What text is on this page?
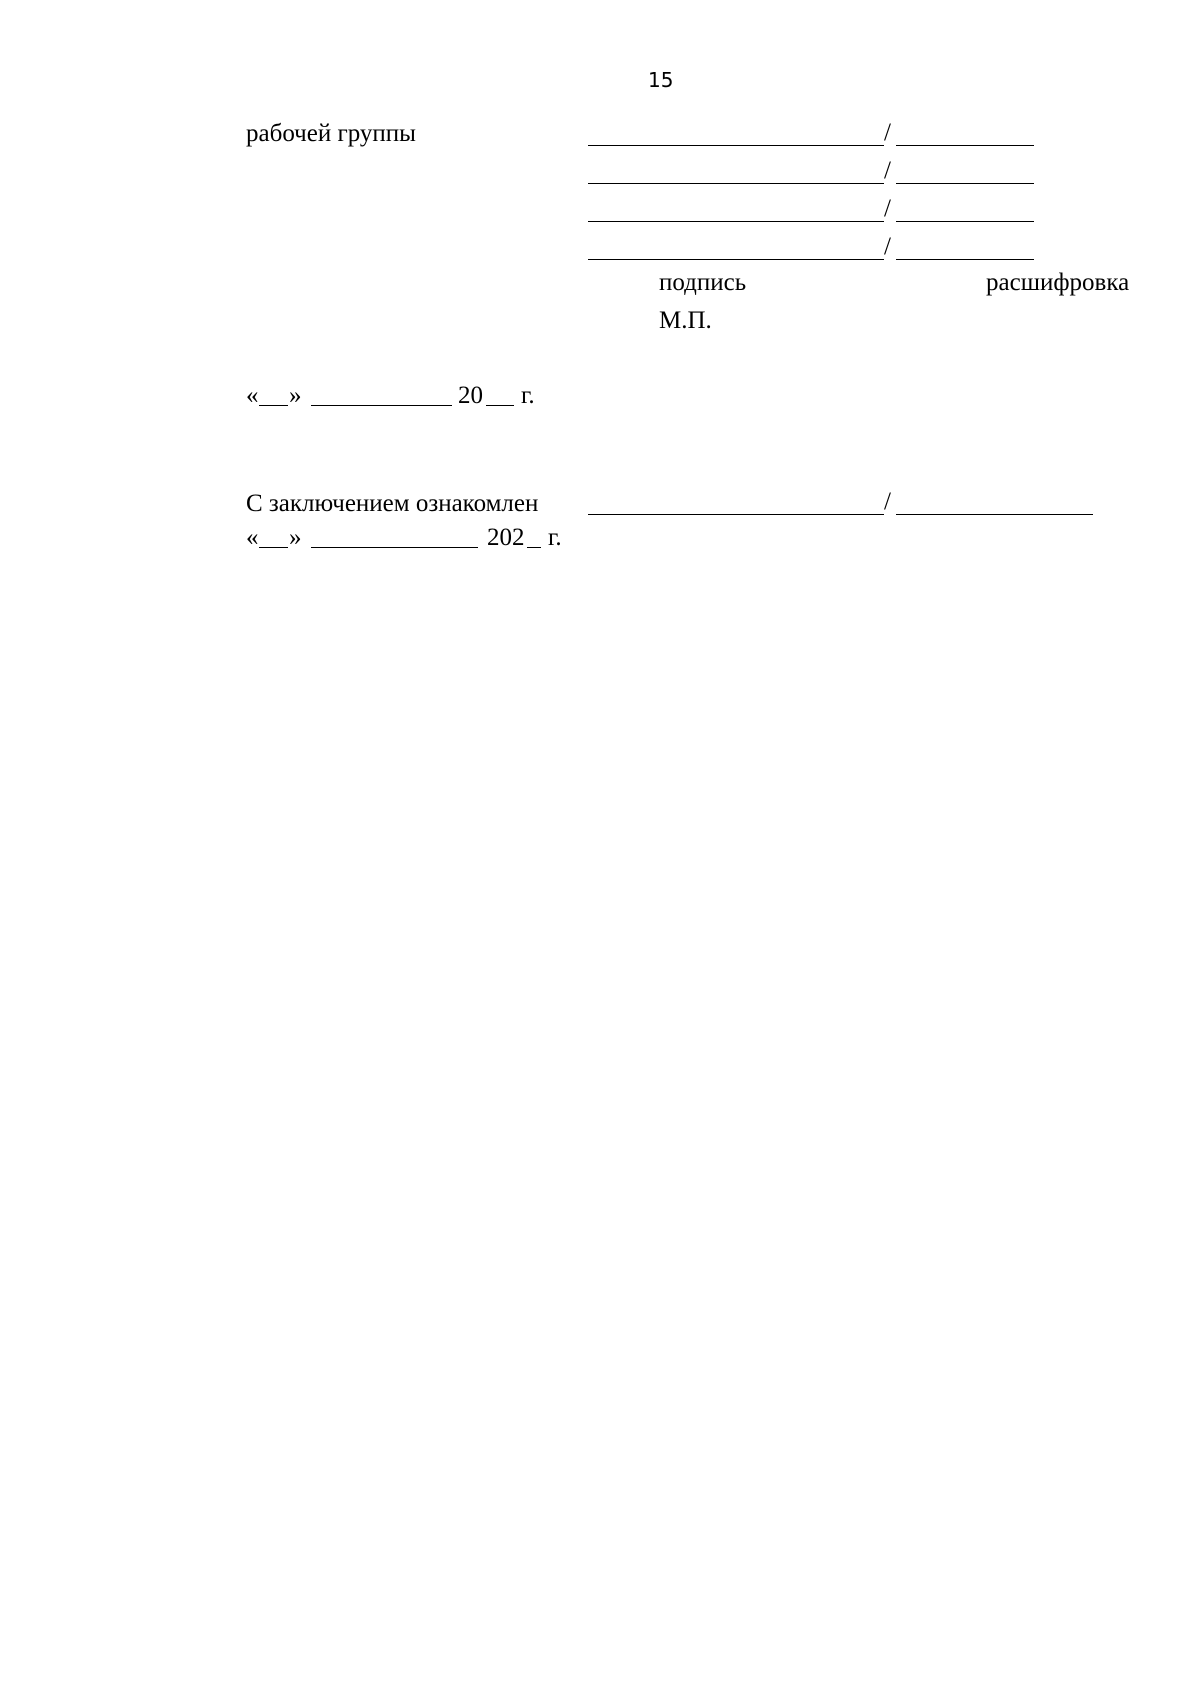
15
рабочей группы	/
/
/
/
подпись	расшифровка
М.П.
« »	20 г.
С заключением ознакомлен	/
« »	202 г.
